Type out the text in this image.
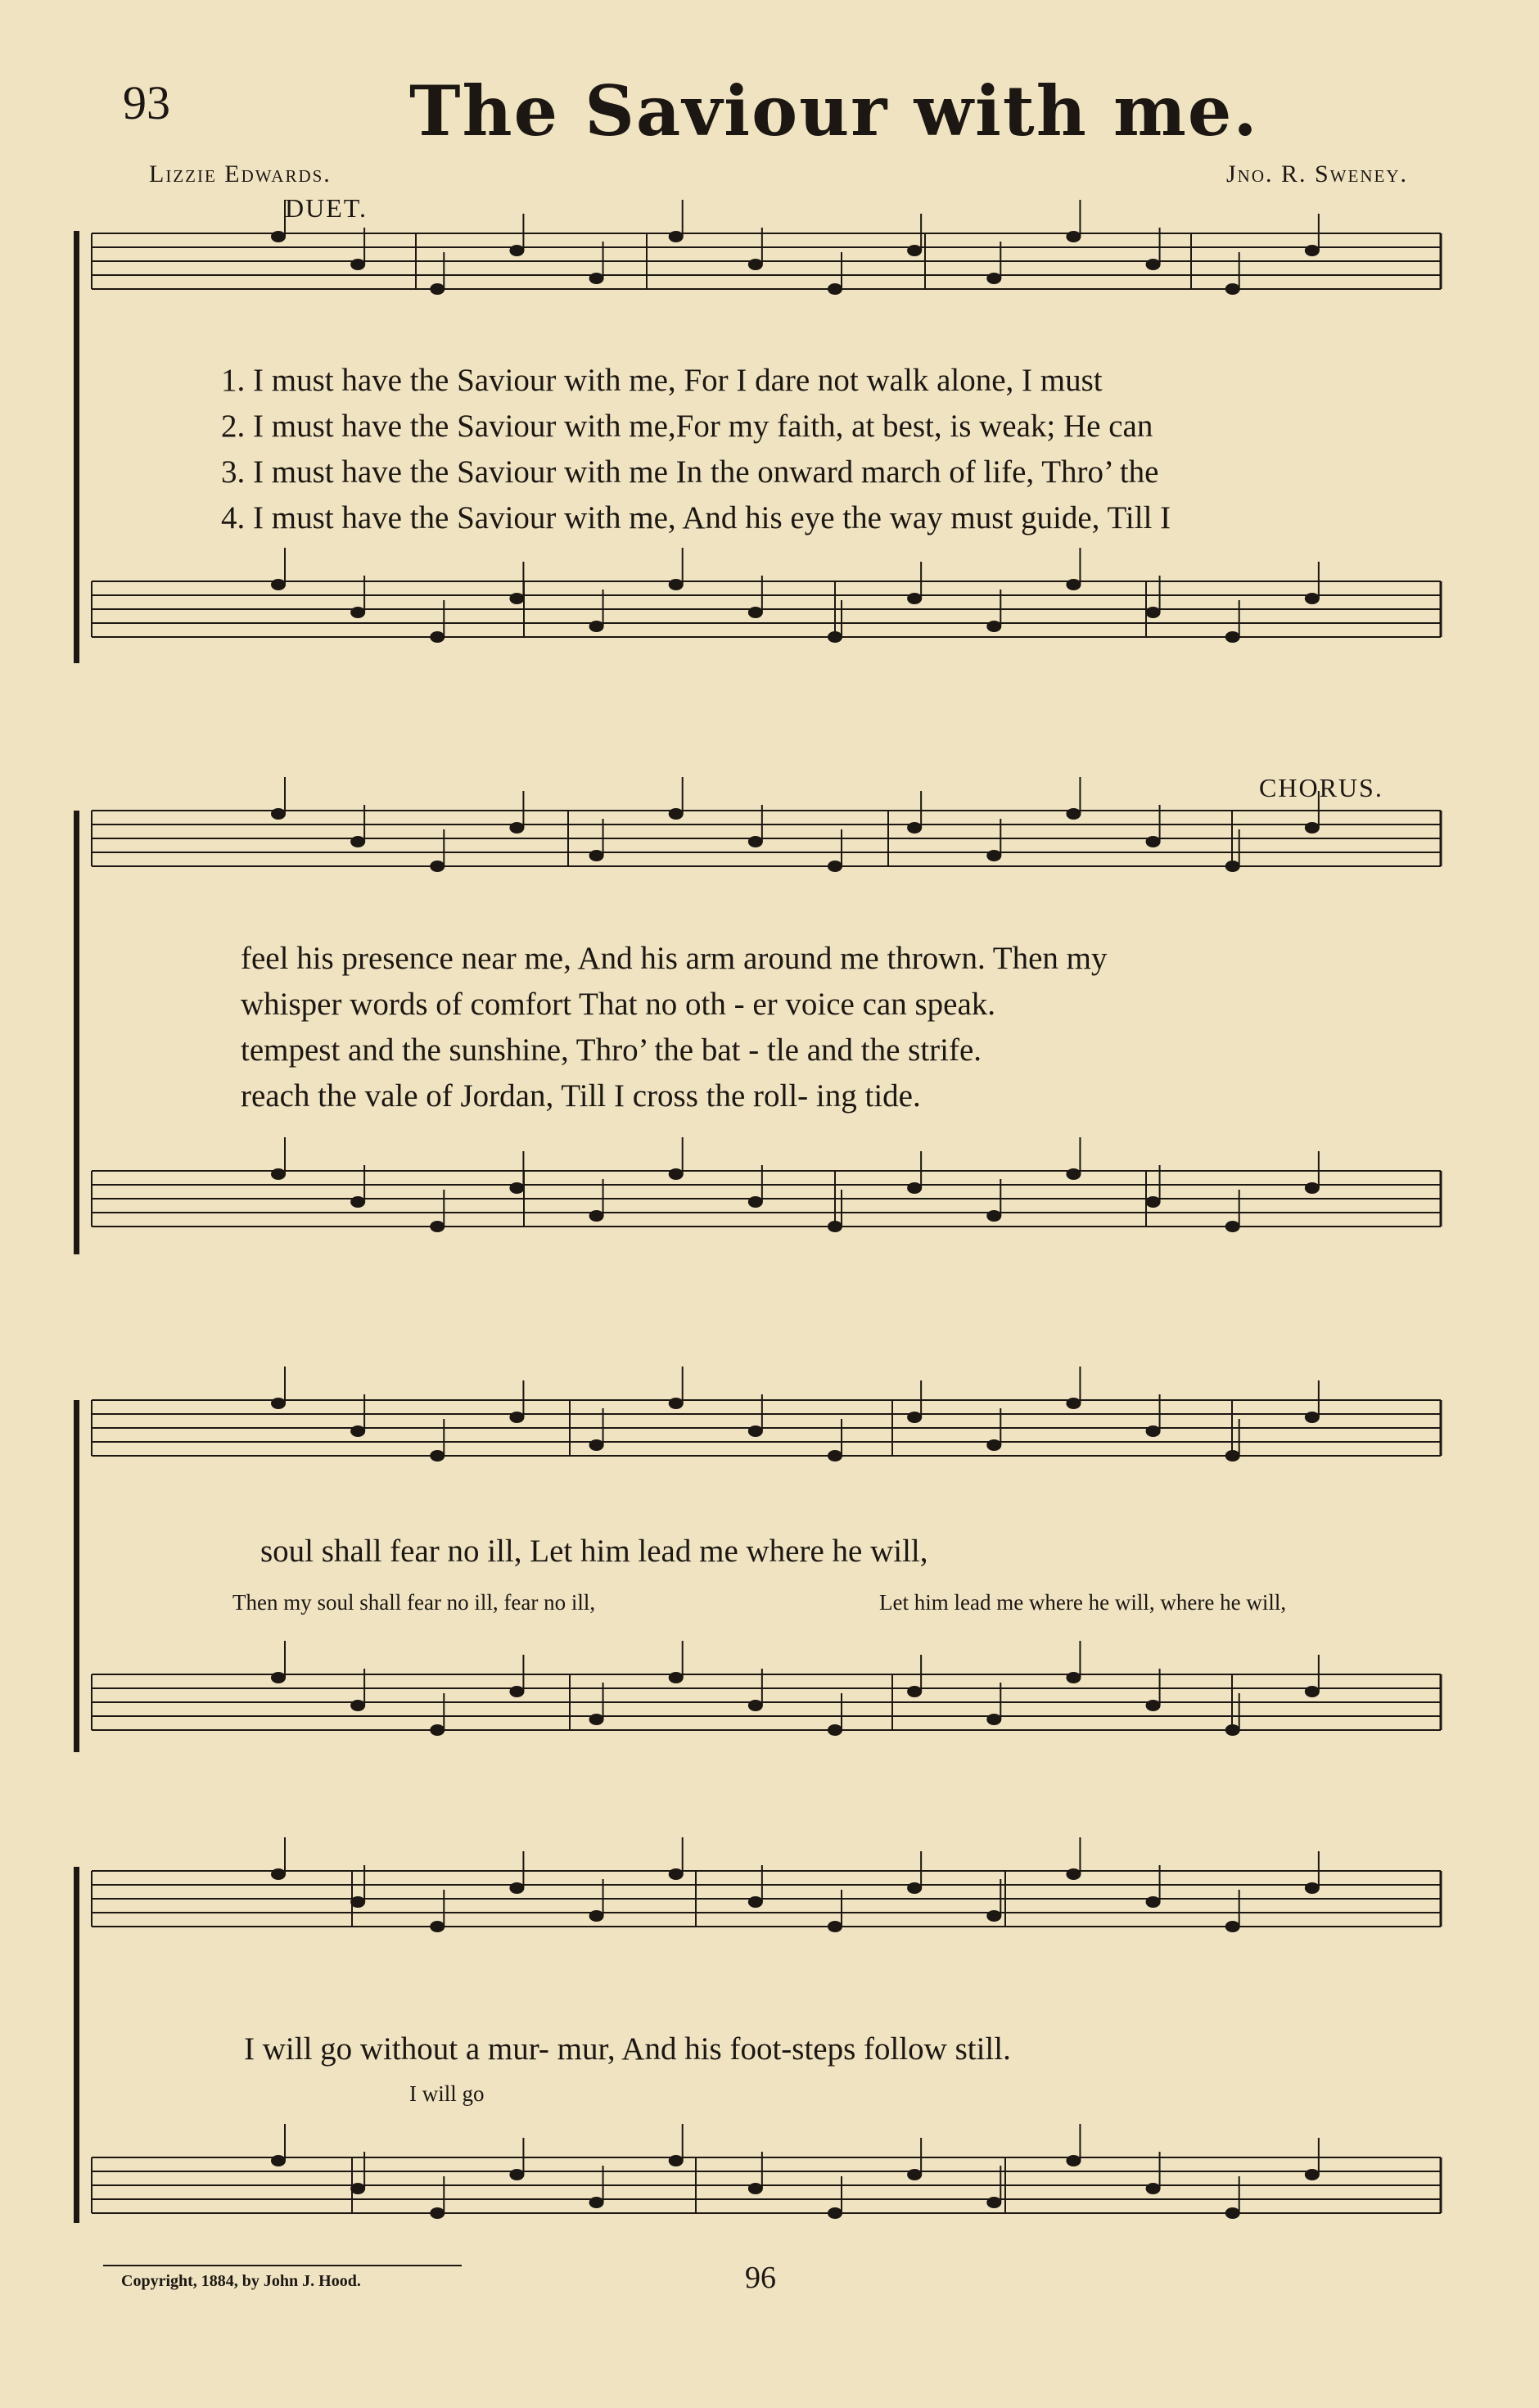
93	The Saviour with me.
Lizzie Edwards.	Jno. R. Sweney.
DUET.
CHORUS.
1. I must have the Saviour with me, For I dare not walk alone, I must
2. I must have the Saviour with me,For my faith, at best, is weak; He can
3. I must have the Saviour with me In the onward march of life, Thro’ the
4. I must have the Saviour with me, And his eye the way must guide, Till I
feel his presence near me, And his arm around me thrown. Then my
whisper words of comfort That no oth - er voice can speak.
tempest and the sunshine, Thro’ the bat - tle and the strife.
reach the vale of Jordan, Till I cross the roll- ing tide.
soul shall fear no ill, Let him lead me where he will,
Then my soul shall fear no ill, fear no ill,	Let him lead me where he will, where he will,
I will go without a mur- mur, And his foot-steps follow still.
I will go
Copyright, 1884, by John J. Hood.	96
